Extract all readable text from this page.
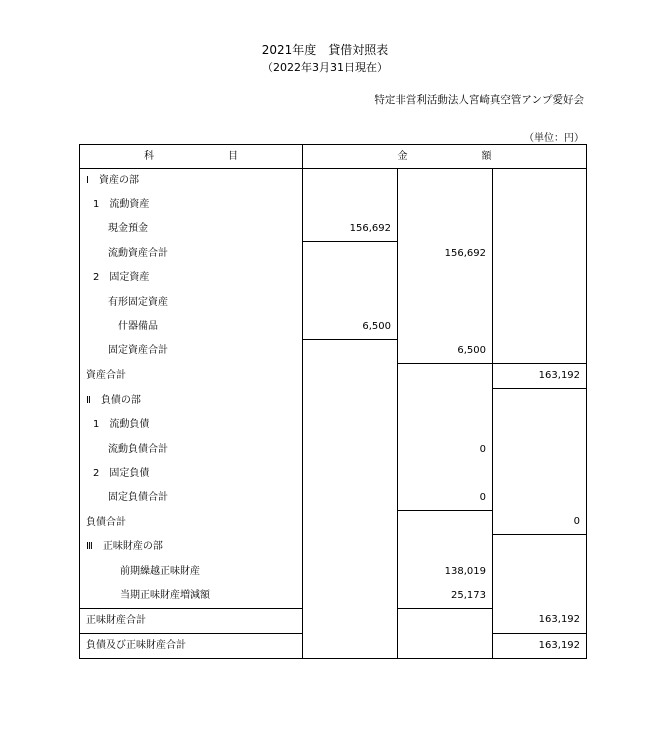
2021年度　貸借対照表
（2022年3月31日現在）
特定非営利活動法人宮崎真空管アンプ愛好会
（単位：円）
科 目	金 額		

Ⅰ　資産の部			
1　流動資産			
現金預金	156,692		
流動資産合計		156,692	
2　固定資産			
有形固定資産			
什器備品	6,500		
固定資産合計		6,500	
資産合計			163,192
Ⅱ　負債の部			
1　流動負債			
流動負債合計		0	
2　固定負債			
固定負債合計		0	
負債合計			0
Ⅲ　正味財産の部			
前期繰越正味財産		138,019	
当期正味財産増減額		25,173	
正味財産合計			163,192
負債及び正味財産合計			163,192
